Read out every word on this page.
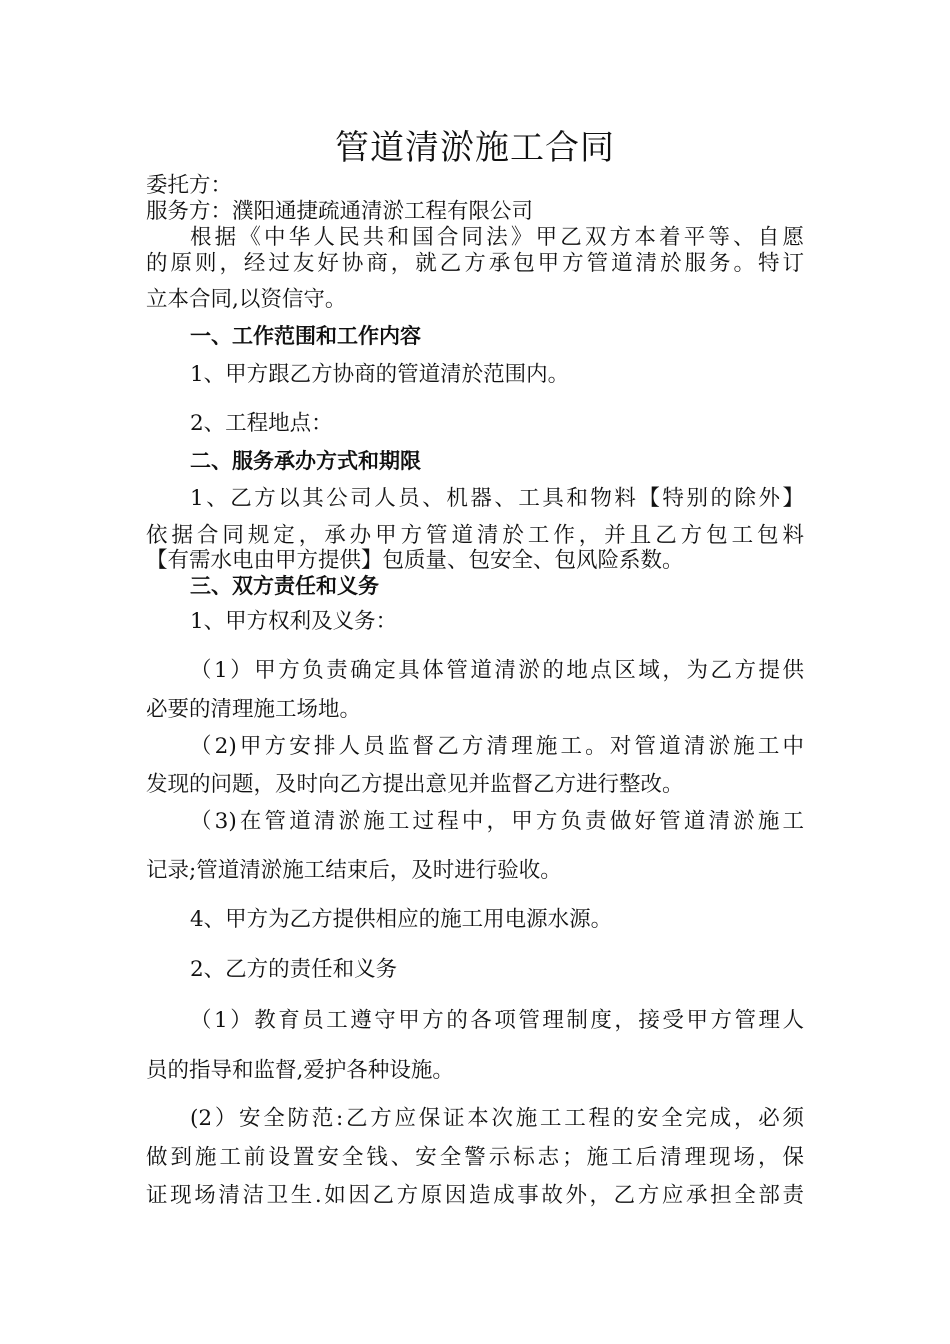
管道清淤施工合同
委托方：
服务方：濮阳通捷疏通清淤工程有限公司
根据《中华人民共和国合同法》甲乙双方本着平等、自愿
的原则，经过友好协商，就乙方承包甲方管道清於服务。特订
立本合同,以资信守。
一、工作范围和工作内容
1、甲方跟乙方协商的管道清於范围内。
2、工程地点：
二、服务承办方式和期限
1、乙方以其公司人员、机器、工具和物料【特别的除外】
依据合同规定，承办甲方管道清於工作，并且乙方包工包料
【有需水电由甲方提供】包质量、包安全、包风险系数。
三、双方责任和义务
1、甲方权利及义务：
（1）甲方负责确定具体管道清淤的地点区域，为乙方提供
必要的清理施工场地。
（2)甲方安排人员监督乙方清理施工。对管道清淤施工中
发现的问题，及时向乙方提出意见并监督乙方进行整改。
（3)在管道清淤施工过程中，甲方负责做好管道清淤施工
记录;管道清淤施工结束后，及时进行验收。
4、甲方为乙方提供相应的施工用电源水源。
2、乙方的责任和义务
（1）教育员工遵守甲方的各项管理制度，接受甲方管理人
员的指导和监督,爱护各种设施。
(2）安全防范:乙方应保证本次施工工程的安全完成，必须
做到施工前设置安全钱、安全警示标志；施工后清理现场，保
证现场清洁卫生.如因乙方原因造成事故外，乙方应承担全部责
